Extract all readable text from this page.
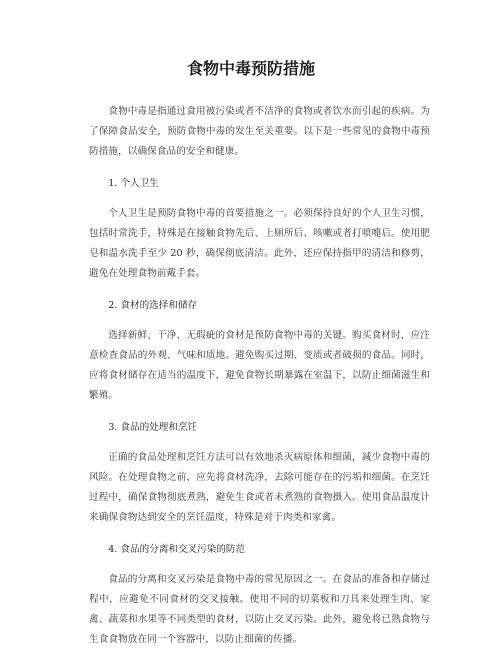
食物中毒预防措施

食物中毒是指通过食用被污染或者不洁净的食物或者饮水而引起的疾病。为了保障食品安全，预防食物中毒的发生至关重要。以下是一些常见的食物中毒预防措施，以确保食品的安全和健康。

1. 个人卫生

个人卫生是预防食物中毒的首要措施之一。必须保持良好的个人卫生习惯，包括时常洗手，特殊是在接触食物先后、上厕所后、咳嗽或者打喷嚏后。使用肥皂和温水洗手至少 20 秒，确保彻底清洁。此外，还应保持指甲的清洁和修剪，避免在处理食物前戴手套。

2. 食材的选择和储存

选择新鲜、干净、无瑕疵的食材是预防食物中毒的关键。购买食材时，应注意检查食品的外观、气味和质地。避免购买过期、变质或者破损的食品。同时，应将食材储存在适当的温度下，避免食物长期暴露在室温下，以防止细菌滋生和繁殖。

3. 食品的处理和烹饪

正确的食品处理和烹饪方法可以有效地杀灭病原体和细菌，减少食物中毒的风险。在处理食物之前，应先将食材洗净，去除可能存在的污垢和细菌。在烹饪过程中，确保食物彻底煮熟，避免生食或者未煮熟的食物摄入。使用食品温度计来确保食物达到安全的烹饪温度，特殊是对于肉类和家禽。

4. 食品的分离和交叉污染的防范

食品的分离和交叉污染是食物中毒的常见原因之一。在食品的准备和存储过程中，应避免不同食材的交叉接触。使用不同的切菜板和刀具来处理生肉、家禽、蔬菜和水果等不同类型的食材，以防止交叉污染。此外，避免将已熟食物与生食食物放在同一个容器中，以防止细菌的传播。
